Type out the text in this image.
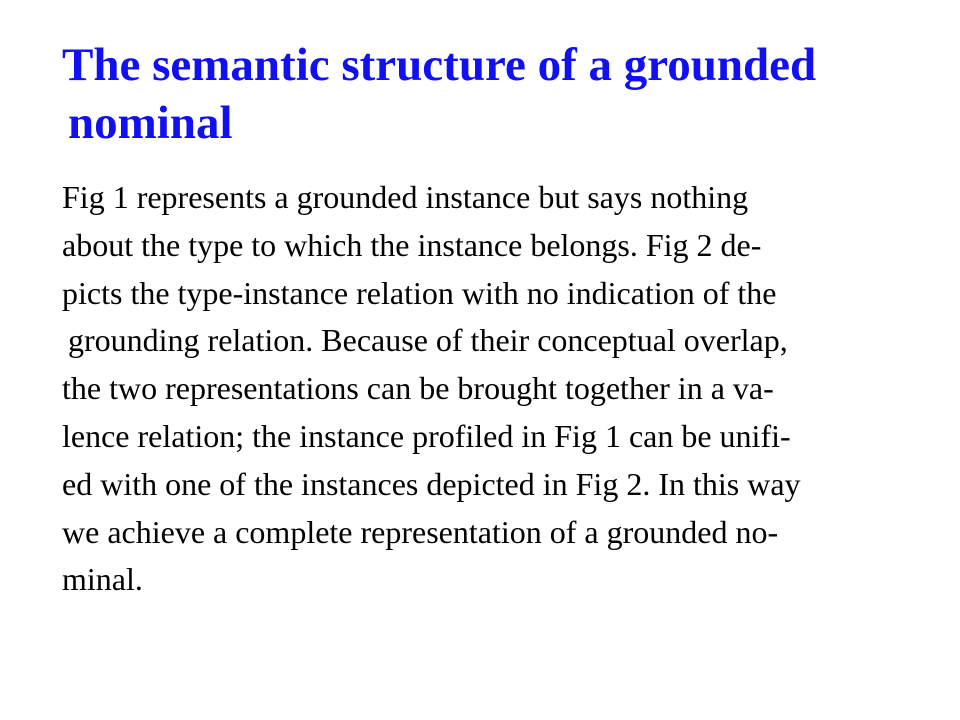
The semantic structure of a grounded
nominal
Fig 1 represents a grounded instance but says nothing
about the type to which the instance belongs. Fig 2 de-
picts the type-instance relation with no indication of the
grounding relation. Because of their conceptual overlap,
the two representations can be brought together in a va-
lence relation; the instance profiled in Fig 1 can be unifi-
ed with one of the instances depicted in Fig 2. In this way
we achieve a complete representation of a grounded no-
minal.
